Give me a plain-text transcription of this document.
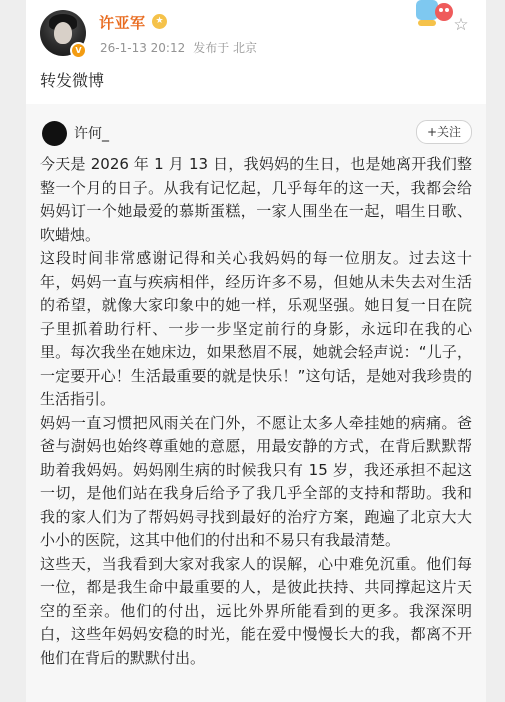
V
许亚军	★
26-1-13 20:12 发布于 北京
☆
转发微博
许何_	+关注

今天是 2026 年 1 月 13 日，我妈妈的生日，也是她离开我们整整一个月的日子。从我有记忆起，几乎每年的这一天，我都会给妈妈订一个她最爱的慕斯蛋糕，一家人围坐在一起，唱生日歌、吹蜡烛。

这段时间非常感谢记得和关心我妈妈的每一位朋友。过去这十年，妈妈一直与疾病相伴，经历许多不易，但她从未失去对生活的希望，就像大家印象中的她一样，乐观坚强。她日复一日在院子里抓着助行杆、一步一步坚定前行的身影，永远印在我的心里。每次我坐在她床边，如果愁眉不展，她就会轻声说：“儿子，一定要开心！生活最重要的就是快乐！”这句话，是她对我珍贵的生活指引。

妈妈一直习惯把风雨关在门外，不愿让太多人牵挂她的病痛。爸爸与澍妈也始终尊重她的意愿，用最安静的方式，在背后默默帮助着我妈妈。妈妈刚生病的时候我只有 15 岁，我还承担不起这一切，是他们站在我身后给予了我几乎全部的支持和帮助。我和我的家人们为了帮妈妈寻找到最好的治疗方案，跑遍了北京大大小小的医院，这其中他们的付出和不易只有我最清楚。

这些天，当我看到大家对我家人的误解，心中难免沉重。他们每一位，都是我生命中最重要的人，是彼此扶持、共同撑起这片天空的至亲。他们的付出，远比外界所能看到的更多。我深深明白，这些年妈妈安稳的时光，能在爱中慢慢长大的我，都离不开他们在背后的默默付出。
